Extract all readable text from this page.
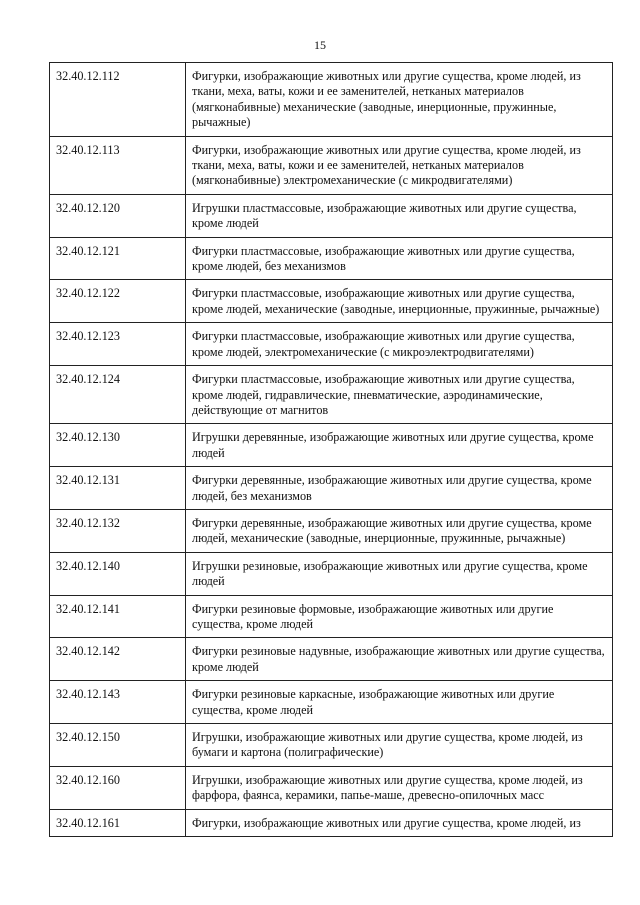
15
32.40.12.112	Фигурки, изображающие животных или другие существа, кроме людей, из ткани, меха, ваты, кожи и ее заменителей, нетканых материалов (мягконабивные) механические (заводные, инерционные, пружинные, рычажные)
32.40.12.113	Фигурки, изображающие животных или другие существа, кроме людей, из ткани, меха, ваты, кожи и ее заменителей, нетканых материалов (мягконабивные) электромеханические (с микродвигателями)
32.40.12.120	Игрушки пластмассовые, изображающие животных или другие существа, кроме людей
32.40.12.121	Фигурки пластмассовые, изображающие животных или другие существа, кроме людей, без механизмов
32.40.12.122	Фигурки пластмассовые, изображающие животных или другие существа, кроме людей, механические (заводные, инерционные, пружинные, рычажные)
32.40.12.123	Фигурки пластмассовые, изображающие животных или другие существа, кроме людей, электромеханические (с микроэлектродвигателями)
32.40.12.124	Фигурки пластмассовые, изображающие животных или другие существа, кроме людей, гидравлические, пневматические, аэродинамические, действующие от магнитов
32.40.12.130	Игрушки деревянные, изображающие животных или другие существа, кроме людей
32.40.12.131	Фигурки деревянные, изображающие животных или другие существа, кроме людей, без механизмов
32.40.12.132	Фигурки деревянные, изображающие животных или другие существа, кроме людей, механические (заводные, инерционные, пружинные, рычажные)
32.40.12.140	Игрушки резиновые, изображающие животных или другие существа, кроме людей
32.40.12.141	Фигурки резиновые формовые, изображающие животных или другие существа, кроме людей
32.40.12.142	Фигурки резиновые надувные, изображающие животных или другие существа, кроме людей
32.40.12.143	Фигурки резиновые каркасные, изображающие животных или другие существа, кроме людей
32.40.12.150	Игрушки, изображающие животных или другие существа, кроме людей, из бумаги и картона (полиграфические)
32.40.12.160	Игрушки, изображающие животных или другие существа, кроме людей, из фарфора, фаянса, керамики, папье-маше, древесно-опилочных масс
32.40.12.161	Фигурки, изображающие животных или другие существа, кроме людей, из
